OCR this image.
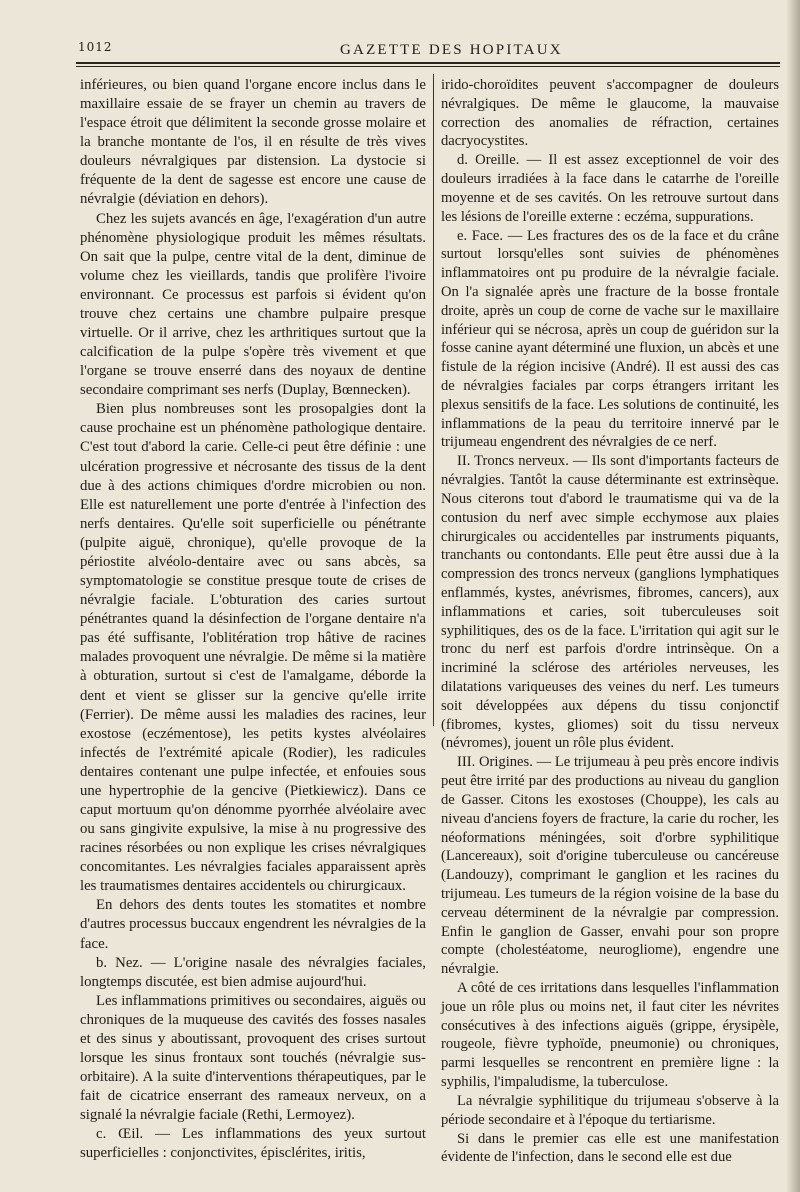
1012	GAZETTE DES HOPITAUX

inférieures, ou bien quand l'organe encore inclus dans le maxillaire essaie de se frayer un chemin au travers de l'espace étroit que délimitent la seconde grosse molaire et la branche montante de l'os, il en résulte de très vives douleurs névralgiques par distension. La dystocie si fréquente de la dent de sagesse est encore une cause de névralgie (déviation en dehors).

Chez les sujets avancés en âge, l'exagération d'un autre phénomène physiologique produit les mêmes résultats. On sait que la pulpe, centre vital de la dent, diminue de volume chez les vieillards, tandis que prolifère l'ivoire environnant. Ce processus est parfois si évident qu'on trouve chez certains une chambre pulpaire presque virtuelle. Or il arrive, chez les arthritiques surtout que la calcification de la pulpe s'opère très vivement et que l'organe se trouve enserré dans des noyaux de dentine secondaire comprimant ses nerfs (Duplay, Bœnnecken).

Bien plus nombreuses sont les prosopalgies dont la cause prochaine est un phénomène pathologique dentaire. C'est tout d'abord la carie. Celle-ci peut être définie : une ulcération progressive et nécrosante des tissus de la dent due à des actions chimiques d'ordre microbien ou non. Elle est naturellement une porte d'entrée à l'infection des nerfs dentaires. Qu'elle soit superficielle ou pénétrante (pulpite aiguë, chronique), qu'elle provoque de la périostite alvéolo-dentaire avec ou sans abcès, sa symptomatologie se constitue presque toute de crises de névralgie faciale. L'obturation des caries surtout pénétrantes quand la désinfection de l'organe dentaire n'a pas été suffisante, l'oblitération trop hâtive de racines malades provoquent une névralgie. De même si la matière à obturation, surtout si c'est de l'amalgame, déborde la dent et vient se glisser sur la gencive qu'elle irrite (Ferrier). De même aussi les maladies des racines, leur exostose (eczémentose), les petits kystes alvéolaires infectés de l'extrémité apicale (Rodier), les radicules dentaires contenant une pulpe infectée, et enfouies sous une hypertrophie de la gencive (Pietkiewicz). Dans ce caput mortuum qu'on dénomme pyorrhée alvéolaire avec ou sans gingivite expulsive, la mise à nu progressive des racines résorbées ou non explique les crises névralgiques concomitantes. Les névralgies faciales apparaissent après les traumatismes dentaires accidentels ou chirurgicaux.

En dehors des dents toutes les stomatites et nombre d'autres processus buccaux engendrent les névralgies de la face.

b. Nez. — L'origine nasale des névralgies faciales, longtemps discutée, est bien admise aujourd'hui.

Les inflammations primitives ou secondaires, aiguës ou chroniques de la muqueuse des cavités des fosses nasales et des sinus y aboutissant, provoquent des crises surtout lorsque les sinus frontaux sont touchés (névralgie sus-orbitaire). A la suite d'interventions thérapeutiques, par le fait de cicatrice enserrant des rameaux nerveux, on a signalé la névralgie faciale (Rethi, Lermoyez).

c. Œil. — Les inflammations des yeux surtout superficielles : conjonctivites, épisclérites, iritis,

irido-choroïdites peuvent s'accompagner de douleurs névralgiques. De même le glaucome, la mauvaise correction des anomalies de réfraction, certaines dacryocystites.

d. Oreille. — Il est assez exceptionnel de voir des douleurs irradiées à la face dans le catarrhe de l'oreille moyenne et de ses cavités. On les retrouve surtout dans les lésions de l'oreille externe : eczéma, suppurations.

e. Face. — Les fractures des os de la face et du crâne surtout lorsqu'elles sont suivies de phénomènes inflammatoires ont pu produire de la névralgie faciale. On l'a signalée après une fracture de la bosse frontale droite, après un coup de corne de vache sur le maxillaire inférieur qui se nécrosa, après un coup de guéridon sur la fosse canine ayant déterminé une fluxion, un abcès et une fistule de la région incisive (André). Il est aussi des cas de névralgies faciales par corps étrangers irritant les plexus sensitifs de la face. Les solutions de continuité, les inflammations de la peau du territoire innervé par le trijumeau engendrent des névralgies de ce nerf.

II. Troncs nerveux. — Ils sont d'importants facteurs de névralgies. Tantôt la cause déterminante est extrinsèque. Nous citerons tout d'abord le traumatisme qui va de la contusion du nerf avec simple ecchymose aux plaies chirurgicales ou accidentelles par instruments piquants, tranchants ou contondants. Elle peut être aussi due à la compression des troncs nerveux (ganglions lymphatiques enflammés, kystes, anévrismes, fibromes, cancers), aux inflammations et caries, soit tuberculeuses soit syphilitiques, des os de la face. L'irritation qui agit sur le tronc du nerf est parfois d'ordre intrinsèque. On a incriminé la sclérose des artérioles nerveuses, les dilatations variqueuses des veines du nerf. Les tumeurs soit développées aux dépens du tissu conjonctif (fibromes, kystes, gliomes) soit du tissu nerveux (névromes), jouent un rôle plus évident.

III. Origines. — Le trijumeau à peu près encore indivis peut être irrité par des productions au niveau du ganglion de Gasser. Citons les exostoses (Chouppe), les cals au niveau d'anciens foyers de fracture, la carie du rocher, les néoformations méningées, soit d'orbre syphilitique (Lancereaux), soit d'origine tuberculeuse ou cancéreuse (Landouzy), comprimant le ganglion et les racines du trijumeau. Les tumeurs de la région voisine de la base du cerveau déterminent de la névralgie par compression. Enfin le ganglion de Gasser, envahi pour son propre compte (cholestéatome, neurogliome), engendre une névralgie.

A côté de ces irritations dans lesquelles l'inflammation joue un rôle plus ou moins net, il faut citer les névrites consécutives à des infections aiguës (grippe, érysipèle, rougeole, fièvre typhoïde, pneumonie) ou chroniques, parmi lesquelles se rencontrent en première ligne : la syphilis, l'impaludisme, la tuberculose.

La névralgie syphilitique du trijumeau s'observe à la période secondaire et à l'époque du tertiarisme.

Si dans le premier cas elle est une manifestation évidente de l'infection, dans le second elle est due
